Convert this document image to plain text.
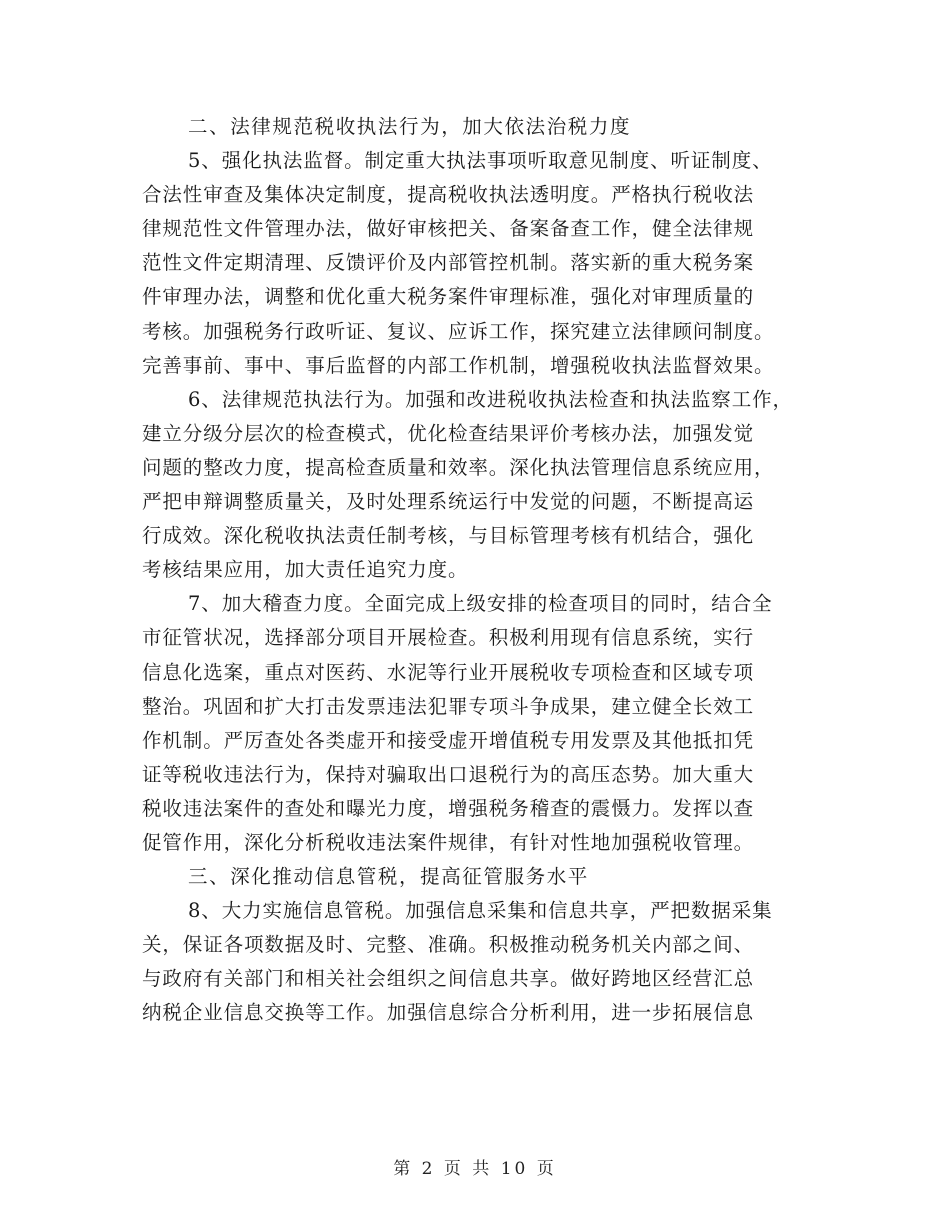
二、法律规范税收执法行为，加大依法治税力度
5、强化执法监督。制定重大执法事项听取意见制度、听证制度、
合法性审查及集体决定制度，提高税收执法透明度。严格执行税收法
律规范性文件管理办法，做好审核把关、备案备查工作，健全法律规
范性文件定期清理、反馈评价及内部管控机制。落实新的重大税务案
件审理办法，调整和优化重大税务案件审理标准，强化对审理质量的
考核。加强税务行政听证、复议、应诉工作，探究建立法律顾问制度。
完善事前、事中、事后监督的内部工作机制，增强税收执法监督效果。
6、法律规范执法行为。加强和改进税收执法检查和执法监察工作，
建立分级分层次的检查模式，优化检查结果评价考核办法，加强发觉
问题的整改力度，提高检查质量和效率。深化执法管理信息系统应用，
严把申辩调整质量关，及时处理系统运行中发觉的问题，不断提高运
行成效。深化税收执法责任制考核，与目标管理考核有机结合，强化
考核结果应用，加大责任追究力度。
7、加大稽查力度。全面完成上级安排的检查项目的同时，结合全
市征管状况，选择部分项目开展检查。积极利用现有信息系统，实行
信息化选案，重点对医药、水泥等行业开展税收专项检查和区域专项
整治。巩固和扩大打击发票违法犯罪专项斗争成果，建立健全长效工
作机制。严厉查处各类虚开和接受虚开增值税专用发票及其他抵扣凭
证等税收违法行为，保持对骗取出口退税行为的高压态势。加大重大
税收违法案件的查处和曝光力度，增强税务稽查的震慑力。发挥以查
促管作用，深化分析税收违法案件规律，有针对性地加强税收管理。
三、深化推动信息管税，提高征管服务水平
8、大力实施信息管税。加强信息采集和信息共享，严把数据采集
关，保证各项数据及时、完整、准确。积极推动税务机关内部之间、
与政府有关部门和相关社会组织之间信息共享。做好跨地区经营汇总
纳税企业信息交换等工作。加强信息综合分析利用，进一步拓展信息
第 2 页 共 10 页
